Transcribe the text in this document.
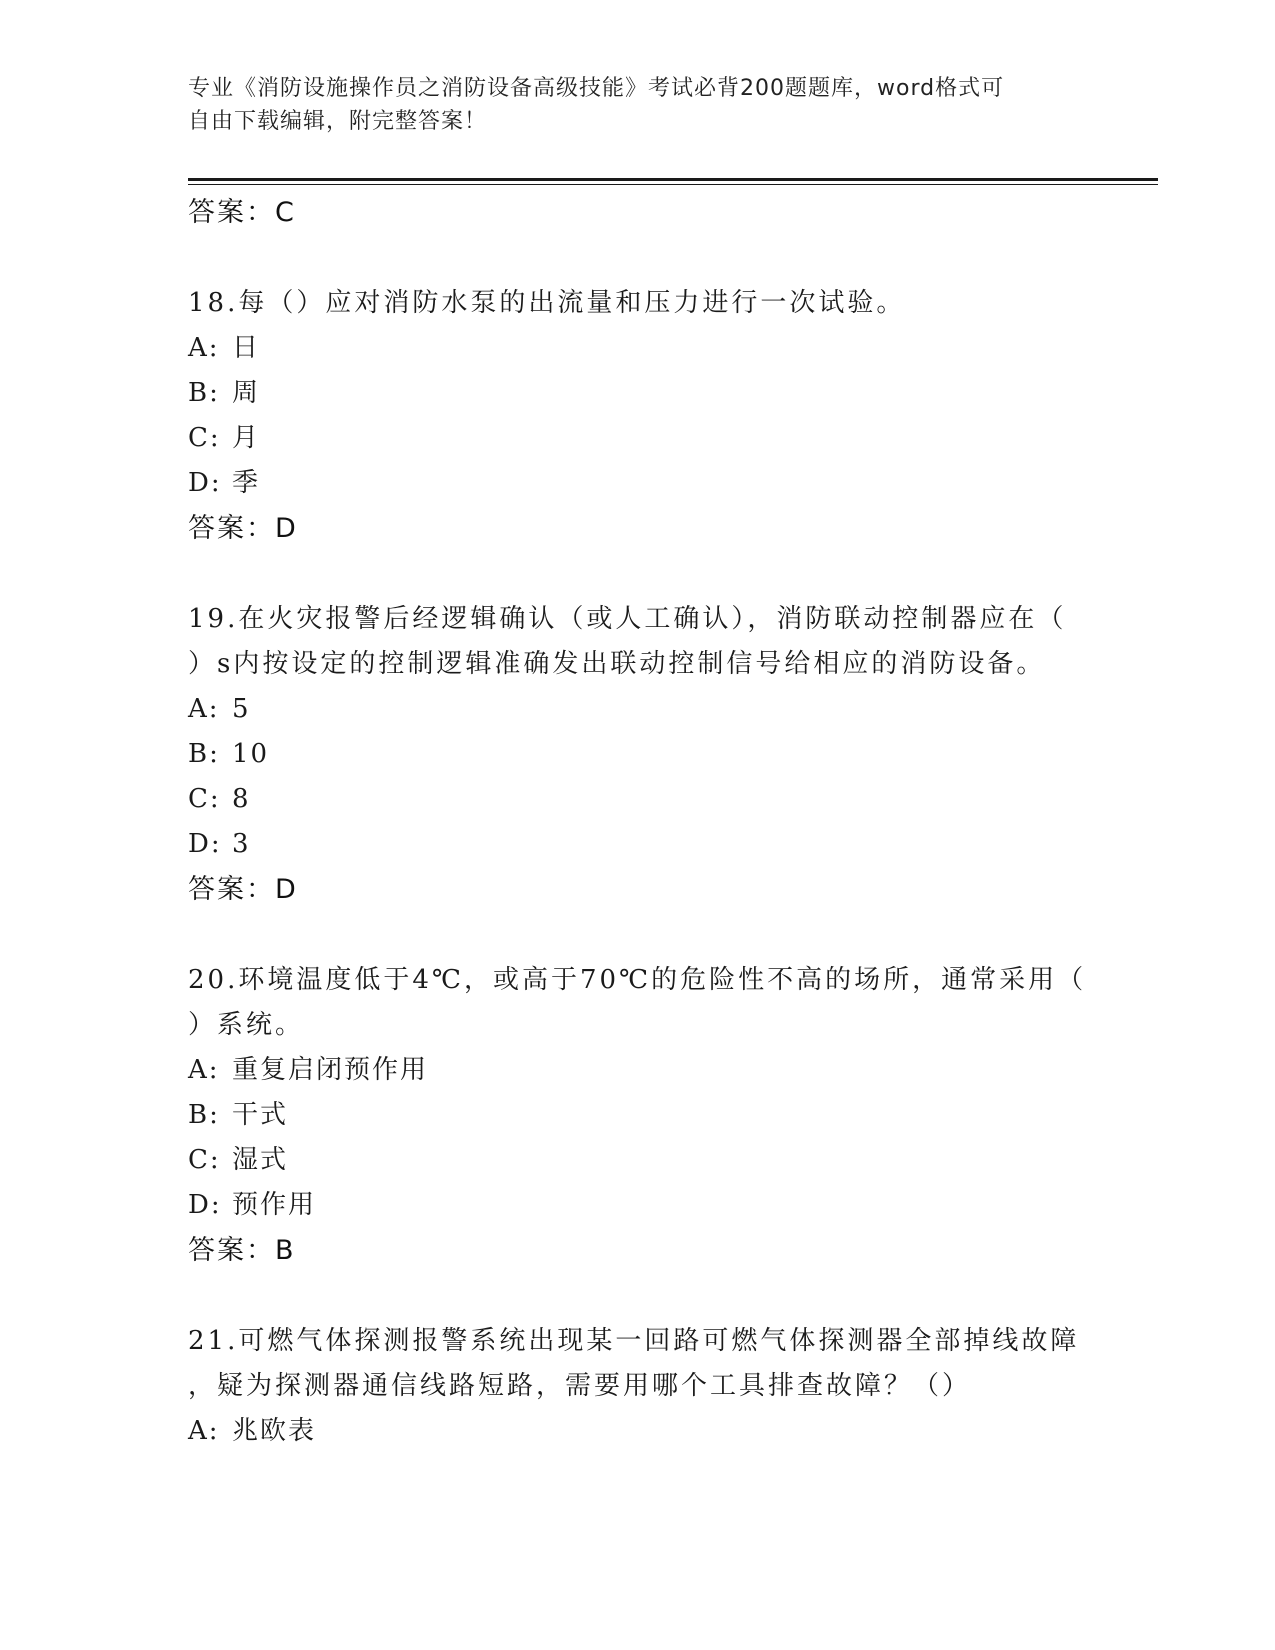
专业《消防设施操作员之消防设备高级技能》考试必背200题题库，word格式可
自由下载编辑，附完整答案！
答案：C
18.每（）应对消防水泵的出流量和压力进行一次试验。
A: 日
B: 周
C: 月
D: 季
答案：D
19.在火灾报警后经逻辑确认（或人工确认），消防联动控制器应在（
）s内按设定的控制逻辑准确发出联动控制信号给相应的消防设备。
A: 5
B: 10
C: 8
D: 3
答案：D
20.环境温度低于4℃，或高于70℃的危险性不高的场所，通常采用（
）系统。
A: 重复启闭预作用
B: 干式
C: 湿式
D: 预作用
答案：B
21.可燃气体探测报警系统出现某一回路可燃气体探测器全部掉线故障
，疑为探测器通信线路短路，需要用哪个工具排查故障？（）
A: 兆欧表
